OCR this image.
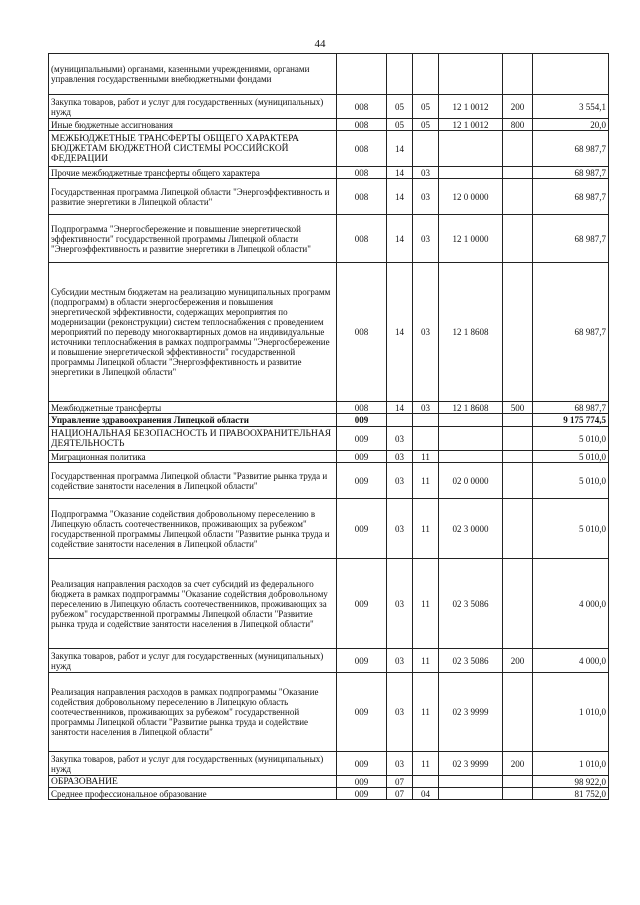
44
(муниципальными) органами, казенными учреждениями, органами управления государственными внебюджетными фондами						
Закупка товаров, работ и услуг для государственных (муниципальных) нужд	008	05	05	12 1 0012	200	3 554,1
Иные бюджетные ассигнования	008	05	05	12 1 0012	800	20,0
МЕЖБЮДЖЕТНЫЕ ТРАНСФЕРТЫ ОБЩЕГО ХАРАКТЕРА БЮДЖЕТАМ БЮДЖЕТНОЙ СИСТЕМЫ РОССИЙСКОЙ ФЕДЕРАЦИИ	008	14				68 987,7
Прочие межбюджетные трансферты общего характера	008	14	03			68 987,7
Государственная программа Липецкой области "Энергоэффективность и развитие энергетики в Липецкой области"	008	14	03	12 0 0000		68 987,7
Подпрограмма "Энергосбережение и повышение энергетической эффективности" государственной программы Липецкой области "Энергоэффективность и развитие энергетики в Липецкой области"	008	14	03	12 1 0000		68 987,7
Субсидии местным бюджетам на реализацию муниципальных программ (подпрограмм) в области энергосбережения и повышения энергетической эффективности, содержащих мероприятия по модернизации (реконструкции) систем теплоснабжения с проведением мероприятий по переводу многоквартирных домов на индивидуальные источники теплоснабжения в рамках подпрограммы "Энергосбережение и повышение энергетической эффективности" государственной программы Липецкой области "Энергоэффективность и развитие энергетики в Липецкой области"	008	14	03	12 1 8608		68 987,7
Межбюджетные трансферты	008	14	03	12 1 8608	500	68 987,7
Управление здравоохранения Липецкой области	009					9 175 774,5
НАЦИОНАЛЬНАЯ БЕЗОПАСНОСТЬ И ПРАВООХРАНИТЕЛЬНАЯ ДЕЯТЕЛЬНОСТЬ	009	03				5 010,0
Миграционная политика	009	03	11			5 010,0
Государственная программа Липецкой области "Развитие рынка труда и содействие занятости населения в Липецкой области"	009	03	11	02 0 0000		5 010,0
Подпрограмма "Оказание содействия добровольному переселению в Липецкую область соотечественников, проживающих за рубежом" государственной программы Липецкой области "Развитие рынка труда и содействие занятости населения в Липецкой области"	009	03	11	02 3 0000		5 010,0
Реализация направления расходов за счет субсидий из федерального бюджета в рамках подпрограммы "Оказание содействия добровольному переселению в Липецкую область соотечественников, проживающих за рубежом" государственной программы Липецкой области "Развитие рынка труда и содействие занятости населения в Липецкой области"	009	03	11	02 3 5086		4 000,0
Закупка товаров, работ и услуг для государственных (муниципальных) нужд	009	03	11	02 3 5086	200	4 000,0
Реализация направления расходов в рамках подпрограммы "Оказание содействия добровольному переселению в Липецкую область соотечественников, проживающих за рубежом" государственной программы Липецкой области "Развитие рынка труда и содействие занятости населения в Липецкой области"	009	03	11	02 3 9999		1 010,0
Закупка товаров, работ и услуг для государственных (муниципальных) нужд	009	03	11	02 3 9999	200	1 010,0
ОБРАЗОВАНИЕ	009	07				98 922,0
Среднее профессиональное образование	009	07	04			81 752,0
